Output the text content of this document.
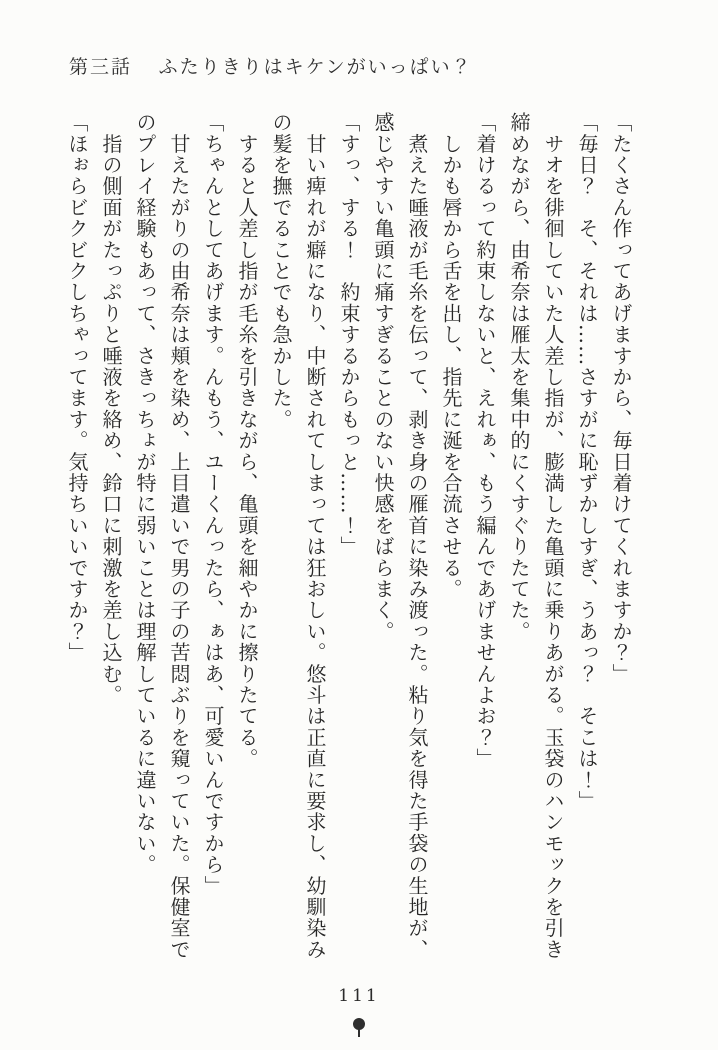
第三話 ふたりきりはキケンがいっぱい？

「たくさん作ってあげますから、毎日着けてくれますか？」

「毎日？　そ、それは……さすがに恥ずかしすぎ、うあっ？　そこは！」

　サオを徘徊していた人差し指が、膨満した亀頭に乗りあがる。玉袋のハンモックを引き

締めながら、由希奈は雁太を集中的にくすぐりたてた。

「着けるって約束しないと、えれぁ、もう編んであげませんよお？」

　しかも唇から舌を出し、指先に涎を合流させる。

　煮えた唾液が毛糸を伝って、剥き身の雁首に染み渡った。粘り気を得た手袋の生地が、

感じやすい亀頭に痛すぎることのない快感をばらまく。

「すっ、する！　約束するからもっと……！」

　甘い痺れが癖になり、中断されてしまっては狂おしい。悠斗は正直に要求し、幼馴染み

の髪を撫でることでも急かした。

　すると人差し指が毛糸を引きながら、亀頭を細やかに擦りたてる。

「ちゃんとしてあげます。んもう、ユーくんったら、ぁはあ、可愛いんですから」

　甘えたがりの由希奈は頬を染め、上目遣いで男の子の苦悶ぶりを窺っていた。保健室で

のプレイ経験もあって、さきっちょが特に弱いことは理解しているに違いない。

　指の側面がたっぷりと唾液を絡め、鈴口に刺激を差し込む。

「ほぉらビクビクしちゃってます。気持ちいいですか？」

111
